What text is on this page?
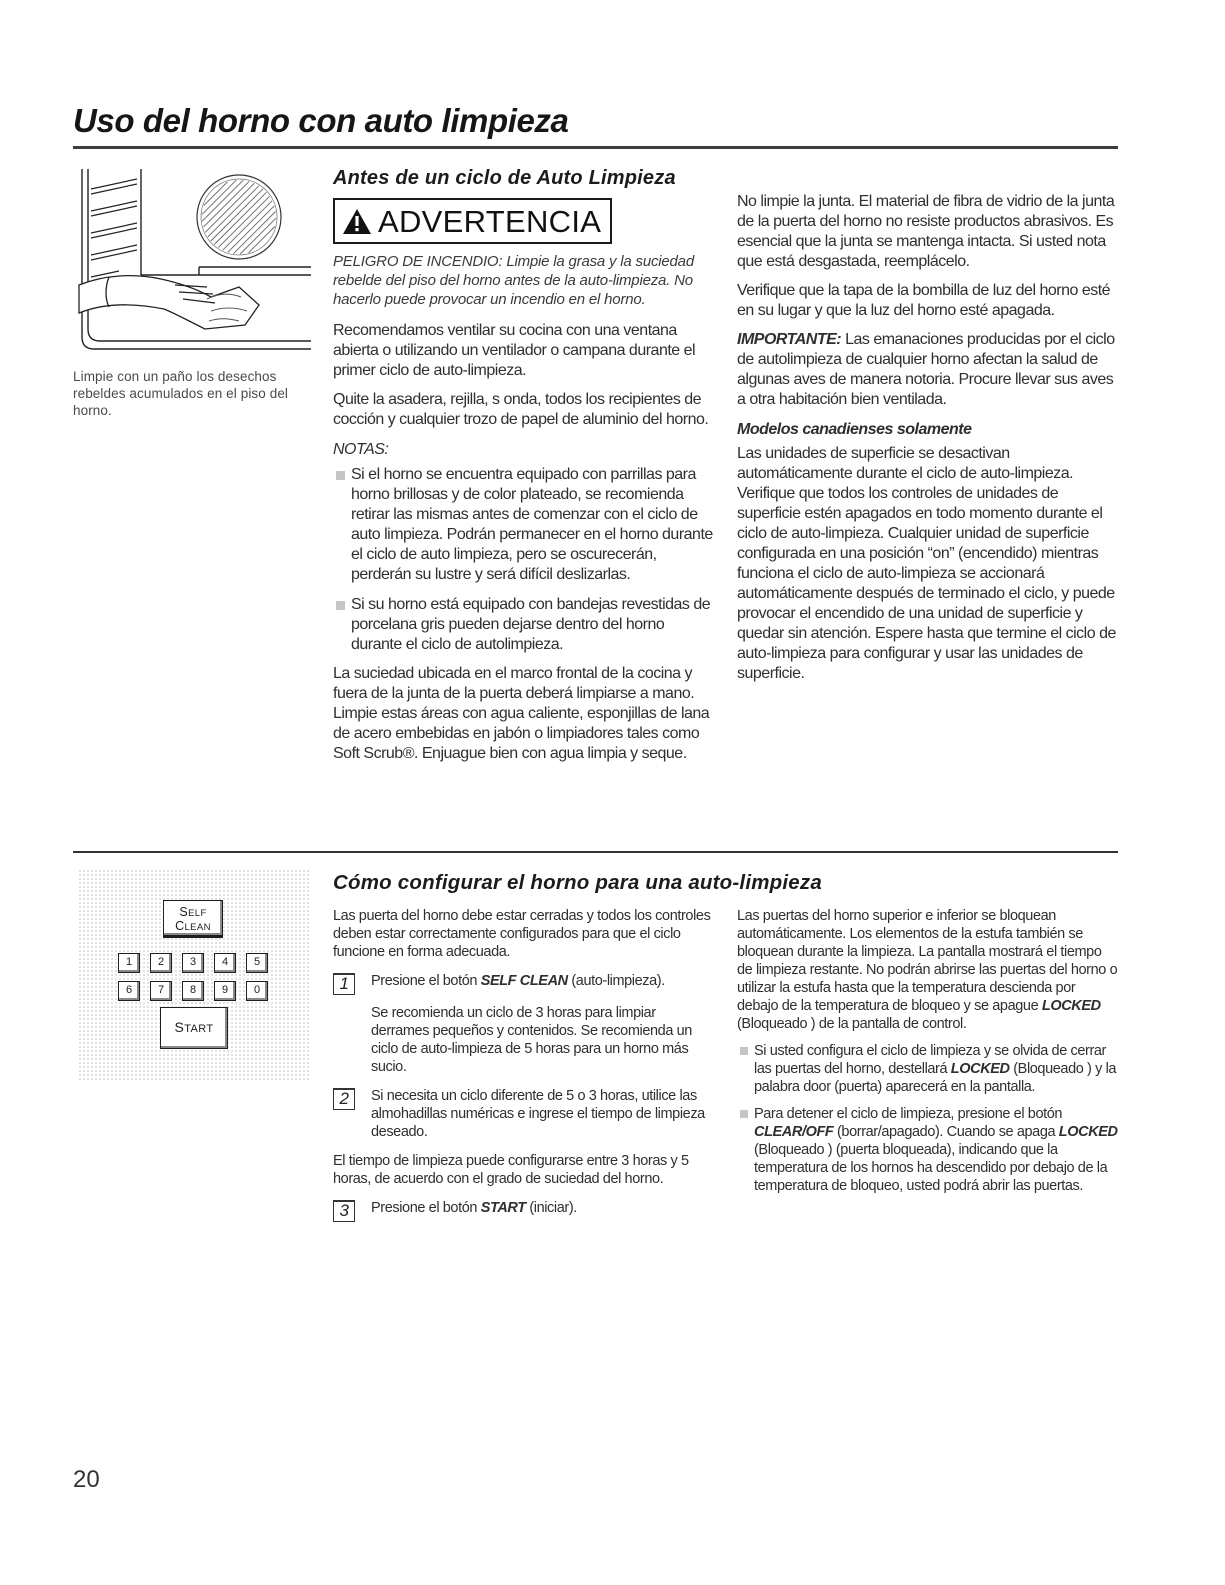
Uso del horno con auto limpieza

Limpie con un paño los desechos rebeldes acumulados en el piso del horno.

Antes de un ciclo de Auto Limpieza
ADVERTENCIA

PELIGRO DE INCENDIO: Limpie la grasa y la suciedad rebelde del piso del horno antes de la auto-limpieza. No hacerlo puede provocar un incendio en el horno.

Recomendamos ventilar su cocina con una ventana abierta o utilizando un ventilador o campana durante el primer ciclo de auto-limpieza.

Quite la asadera, rejilla, s onda, todos los recipientes de cocción y cualquier trozo de papel de aluminio del horno.

NOTAS:

Si el horno se encuentra equipado con parrillas para horno brillosas y de color plateado, se recomienda retirar las mismas antes de comenzar con el ciclo de auto limpieza. Podrán permanecer en el horno durante el ciclo de auto limpieza, pero se oscurecerán, perderán su lustre y será difícil deslizarlas.
Si su horno está equipado con bandejas revestidas de porcelana gris pueden dejarse dentro del horno durante el ciclo de autolimpieza.

La suciedad ubicada en el marco frontal de la cocina y fuera de la junta de la puerta deberá limpiarse a mano. Limpie estas áreas con agua caliente, esponjillas de lana de acero embebidas en jabón o limpiadores tales como Soft Scrub®. Enjuague bien con agua limpia y seque.

No limpie la junta. El material de fibra de vidrio de la junta de la puerta del horno no resiste productos abrasivos. Es esencial que la junta se mantenga intacta. Si usted nota que está desgastada, reemplácelo.

Verifique que la tapa de la bombilla de luz del horno esté en su lugar y que la luz del horno esté apagada.

IMPORTANTE: Las emanaciones producidas por el ciclo de autolimpieza de cualquier horno afectan la salud de algunas aves de manera notoria. Procure llevar sus aves a otra habitación bien ventilada.

Modelos canadienses solamente

Las unidades de superficie se desactivan automáticamente durante el ciclo de auto-limpieza. Verifique que todos los controles de unidades de superficie estén apagados en todo momento durante el ciclo de auto-limpieza. Cualquier unidad de superficie configurada en una posición “on” (encendido) mientras funciona el ciclo de auto-limpieza se accionará automáticamente después de terminado el ciclo, y puede provocar el encendido de una unidad de superficie y quedar sin atención. Espere hasta que termine el ciclo de auto-limpieza para configurar y usar las unidades de superficie.

SELF
CLEAN
1	2	3	4	5
6	7	8	9	0
START
Cómo configurar el horno para una auto-limpieza

Las puerta del horno debe estar cerradas y todos los controles deben estar correctamente configurados para que el ciclo funcione en forma adecuada.

1	Presione el botón SELF CLEAN (auto-limpieza).

Se recomienda un ciclo de 3 horas para limpiar derrames pequeños y contenidos. Se recomienda un ciclo de auto-limpieza de 5 horas para un horno más sucio.

2	Si necesita un ciclo diferente de 5 o 3 horas, utilice las almohadillas numéricas e ingrese el tiempo de limpieza deseado.

El tiempo de limpieza puede configurarse entre 3 horas y 5 horas, de acuerdo con el grado de suciedad del horno.

3	Presione el botón START (iniciar).

Las puertas del horno superior e inferior se bloquean automáticamente. Los elementos de la estufa también se bloquean durante la limpieza. La pantalla mostrará el tiempo de limpieza restante. No podrán abrirse las puertas del horno o utilizar la estufa hasta que la temperatura descienda por debajo de la temperatura de bloqueo y se apague LOCKED (Bloqueado ) de la pantalla de control.

Si usted configura el ciclo de limpieza y se olvida de cerrar las puertas del horno, destellará LOCKED (Bloqueado ) y la palabra door (puerta) aparecerá en la pantalla.
Para detener el ciclo de limpieza, presione el botón CLEAR/OFF (borrar/apagado). Cuando se apaga LOCKED (Bloqueado ) (puerta bloqueada), indicando que la temperatura de los hornos ha descendido por debajo de la temperatura de bloqueo, usted podrá abrir las puertas.
20
